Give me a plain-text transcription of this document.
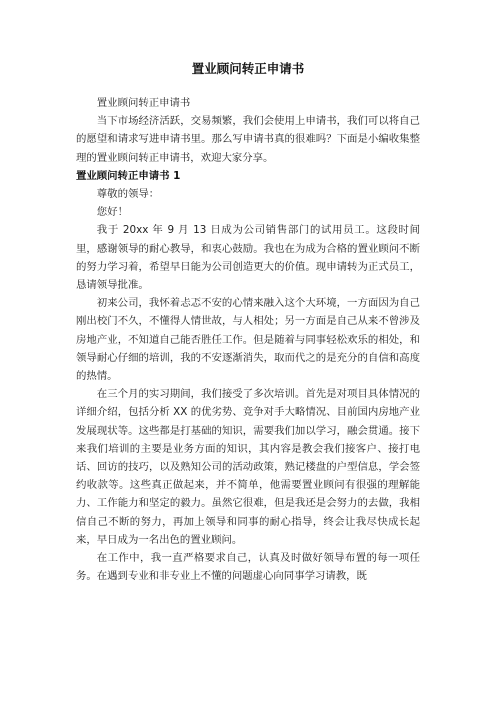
置业顾问转正申请书

置业顾问转正申请书

当下市场经济活跃，交易频繁，我们会使用上申请书，我们可以将自己的愿望和请求写进申请书里。那么写申请书真的很难吗？下面是小编收集整理的置业顾问转正申请书，欢迎大家分享。

置业顾问转正申请书 1

尊敬的领导：

您好！

我于 20xx 年 9 月 13 日成为公司销售部门的试用员工。这段时间里，感谢领导的耐心教导，和衷心鼓励。我也在为成为合格的置业顾问不断的努力学习着，希望早日能为公司创造更大的价值。现申请转为正式员工，恳请领导批准。

初来公司，我怀着忐忑不安的心情来融入这个大环境，一方面因为自己刚出校门不久，不懂得人情世故，与人相处；另一方面是自己从来不曾涉及房地产业，不知道自己能否胜任工作。但是随着与同事轻松欢乐的相处，和领导耐心仔细的培训，我的不安逐渐消失，取而代之的是充分的自信和高度的热情。

在三个月的实习期间，我们接受了多次培训。首先是对项目具体情况的详细介绍，包括分析 XX 的优劣势、竞争对手大略情况、目前国内房地产业发展现状等。这些都是打基础的知识，需要我们加以学习，融会贯通。接下来我们培训的主要是业务方面的知识，其内容是教会我们接客户、接打电话、回访的技巧，以及熟知公司的活动政策，熟记楼盘的户型信息，学会签约收款等。这些真正做起来，并不简单，他需要置业顾问有很强的理解能力、工作能力和坚定的毅力。虽然它很难，但是我还是会努力的去做，我相信自己不断的努力，再加上领导和同事的耐心指导，终会让我尽快成长起来，早日成为一名出色的置业顾问。

在工作中，我一直严格要求自己，认真及时做好领导布置的每一项任务。在遇到专业和非专业上不懂的问题虚心向同事学习请教，既
